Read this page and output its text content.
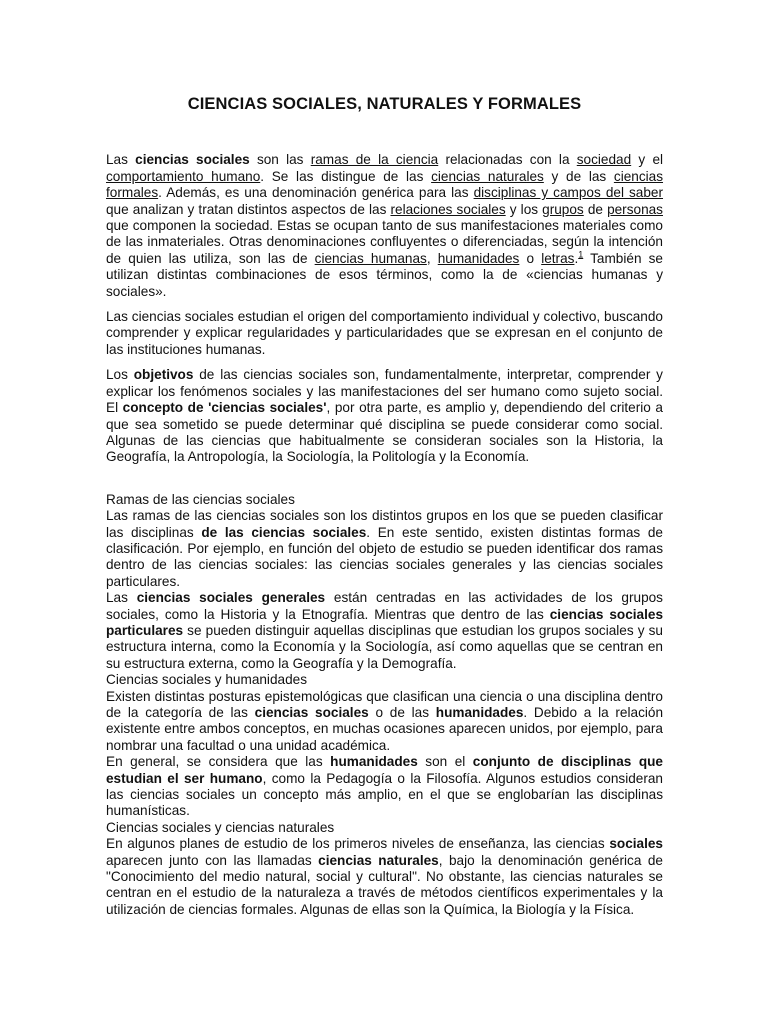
CIENCIAS SOCIALES, NATURALES Y FORMALES

Las ciencias sociales son las ramas de la ciencia relacionadas con la sociedad y el comportamiento humano. Se las distingue de las ciencias naturales y de las ciencias formales. Además, es una denominación genérica para las disciplinas y campos del saber que analizan y tratan distintos aspectos de las relaciones sociales y los grupos de personas que componen la sociedad. Estas se ocupan tanto de sus manifestaciones materiales como de las inmateriales. Otras denominaciones confluyentes o diferenciadas, según la intención de quien las utiliza, son las de ciencias humanas, humanidades o letras.$^1$ También se utilizan distintas combinaciones de esos términos, como la de «ciencias humanas y sociales».

Las ciencias sociales estudian el origen del comportamiento individual y colectivo, buscando comprender y explicar regularidades y particularidades que se expresan en el conjunto de las instituciones humanas.

Los objetivos de las ciencias sociales son, fundamentalmente, interpretar, comprender y explicar los fenómenos sociales y las manifestaciones del ser humano como sujeto social. El concepto de 'ciencias sociales', por otra parte, es amplio y, dependiendo del criterio a que sea sometido se puede determinar qué disciplina se puede considerar como social. Algunas de las ciencias que habitualmente se consideran sociales son la Historia, la Geografía, la Antropología, la Sociología, la Politología y la Economía.

Ramas de las ciencias sociales

Las ramas de las ciencias sociales son los distintos grupos en los que se pueden clasificar las disciplinas de las ciencias sociales. En este sentido, existen distintas formas de clasificación. Por ejemplo, en función del objeto de estudio se pueden identificar dos ramas dentro de las ciencias sociales: las ciencias sociales generales y las ciencias sociales particulares.

Las ciencias sociales generales están centradas en las actividades de los grupos sociales, como la Historia y la Etnografía. Mientras que dentro de las ciencias sociales particulares se pueden distinguir aquellas disciplinas que estudian los grupos sociales y su estructura interna, como la Economía y la Sociología, así como aquellas que se centran en su estructura externa, como la Geografía y la Demografía.

Ciencias sociales y humanidades

Existen distintas posturas epistemológicas que clasifican una ciencia o una disciplina dentro de la categoría de las ciencias sociales o de las humanidades. Debido a la relación existente entre ambos conceptos, en muchas ocasiones aparecen unidos, por ejemplo, para nombrar una facultad o una unidad académica.

En general, se considera que las humanidades son el conjunto de disciplinas que estudian el ser humano, como la Pedagogía o la Filosofía. Algunos estudios consideran las ciencias sociales un concepto más amplio, en el que se englobarían las disciplinas humanísticas.

Ciencias sociales y ciencias naturales

En algunos planes de estudio de los primeros niveles de enseñanza, las ciencias sociales aparecen junto con las llamadas ciencias naturales, bajo la denominación genérica de "Conocimiento del medio natural, social y cultural". No obstante, las ciencias naturales se centran en el estudio de la naturaleza a través de métodos científicos experimentales y la utilización de ciencias formales. Algunas de ellas son la Química, la Biología y la Física.
